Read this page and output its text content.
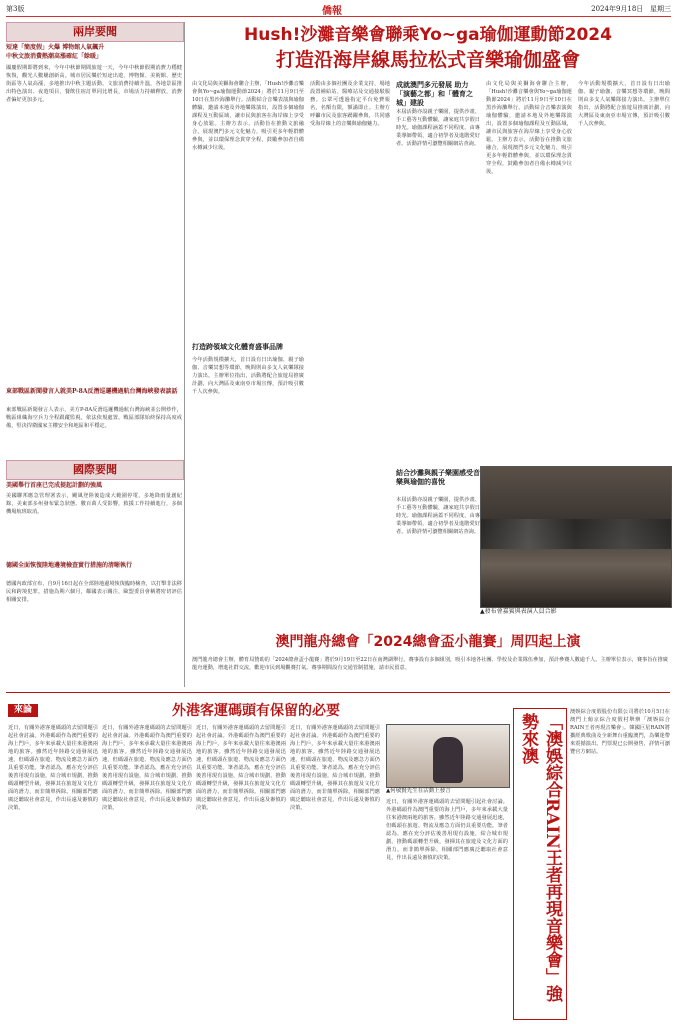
第3版	僑報	2024年9月18日 星期三
兩岸要聞
短達「簡度假」火爆 博物館人氣飆升
中秋文旅消費熱潮高漲確紅「餘暖」
國慶假期即將到來，今年中秋節期間旅遊一天，今年中秋節假期消費力穩健恢復，觀光人數屢創新高。城市居民樂於短途出遊，博物館、美術館、歷史街區等人氣高漲，多地推出中秋主題活動。文旅消費持續升溫，各地景區推出特色演出、夜遊項目，餐飲住宿訂單同比增長，市場活力持續釋放，消費者偏好更加多元。
東部戰區新聞發言人就美P-8A反潛巡邏機過航台灣海峽發表談話
東部戰區新聞發言人表示，美方P-8A反潛巡邏機過航台灣海峽並公開炒作，戰區組織海空兵力全程跟蹤監視，依法依規處置。戰區部隊始終保持高度戒備，堅決捍衛國家主權安全和地區和平穩定。
國際要聞
美國舉行首座已完成提起計劃的強風
美國聯邦應急管理署表示，颶風登陸後造成大範圍停電，多地降雨量創紀錄，美東部多州發布緊急狀態。數百萬人受影響，救援工作持續進行，多個機場航班取消。
德國全面恢復陸地邊境檢查實行措施的清晰執行
德國內政部宣布，自9月16日起在全部陸地邊境恢復臨時檢查，以打擊非法移民和跨境犯罪。措施為期六個月，鄰國表示關注，歐盟委員會稱將密切評估相關安排。
Hush!沙灘音樂會聯乘Yo~ga瑜伽運動節2024
打造沿海岸線馬拉松式音樂瑜伽盛會
由文化局與美獅海會聯合主辦，「Hush!沙灘音樂會與Yo~ga瑜伽運動節2024」將於11月9日至10日在黑沙海灘舉行。活動結合音樂表演與瑜伽體驗，邀請本地及外地樂隊演出，設置多個瑜伽課程及互動區域，讓市民與旅客在海岸線上享受身心放鬆。主辦方表示，活動旨在推動文旅融合，展現澳門多元文化魅力，吸引更多年輕群體參與，並以環保理念貫穿全程，鼓勵參加者自備水樽減少垃圾。
打造跨領域文化體育盛事品牌
今年活動規模擴大，首日設有日出瑜伽、親子瑜伽、音樂冥想等環節，晚間則由多支人氣樂隊接力演出。主辦單位指出，活動將配合旅遊局推廣計劃，向大灣區及東南亞市場宣傳，預計吸引數千人次參與。
活動由多個社團及企業支持，場地設置補給站、醫療站及交通接駁服務。公眾可透過指定平台免費報名，名額有限，額滿即止。主辦方呼籲市民及旅客踴躍參與，共同感受海岸線上的音樂與瑜伽魅力。
成就澳門多元發展 助力「演藝之都」和「體育之城」建設
本屆活動亦設親子樂園，提供沙畫、手工藝等互動體驗，讓家庭共享假日時光。瑜伽課程涵蓋不同程度，由專業導師帶領，適合初學者及進階愛好者。活動詳情可瀏覽相關網站查詢。
結合沙灘與親子樂園感受音樂與瑜伽的喜悅
本屆活動亦設親子樂園，提供沙畫、手工藝等互動體驗，讓家庭共享假日時光。瑜伽課程涵蓋不同程度，由專業導師帶領，適合初學者及進階愛好者。活動詳情可瀏覽相關網站查詢。
由文化局與美獅海會聯合主辦，「Hush!沙灘音樂會與Yo~ga瑜伽運動節2024」將於11月9日至10日在黑沙海灘舉行。活動結合音樂表演與瑜伽體驗，邀請本地及外地樂隊演出，設置多個瑜伽課程及互動區域，讓市民與旅客在海岸線上享受身心放鬆。主辦方表示，活動旨在推動文旅融合，展現澳門多元文化魅力，吸引更多年輕群體參與，並以環保理念貫穿全程，鼓勵參加者自備水樽減少垃圾。
今年活動規模擴大，首日設有日出瑜伽、親子瑜伽、音樂冥想等環節，晚間則由多支人氣樂隊接力演出。主辦單位指出，活動將配合旅遊局推廣計劃，向大灣區及東南亞市場宣傳，預計吸引數千人次參與。
▲發布會嘉賓與表演人員合影
澳門龍舟總會「2024總會盃小龍賽」周四起上演
澳門龍舟總會主辦、體育局贊助的「2024總會盃小龍賽」將於9月19日至22日在南灣湖舉行。賽事設有多個組別，吸引本地各社團、學校及企業隊伍參加，預計參賽人數逾千人。主辦單位表示，賽事旨在推廣龍舟運動，增進社群交流，歡迎市民到場觀賽打氣。賽事期間設有交通管制措施，請市民留意。
來論	外港客運碼頭有保留的必要
近日，有關外港客運碼頭的去留問題引起社會討論。外港碼頭作為澳門重要的海上門戶，多年來承載大量往來港澳兩地的旅客。雖然近年陸路交通發展迅速，但碼頭在旅遊、物流及應急方面仍具重要功能。筆者認為，應在充分評估後善用現有設施，結合城市規劃，推動碼頭轉型升級，發揮其在旅遊及文化方面的潛力，而非簡單拆除。相關部門應廣泛聽取社會意見，作出長遠及審慎的決策。
近日，有關外港客運碼頭的去留問題引起社會討論。外港碼頭作為澳門重要的海上門戶，多年來承載大量往來港澳兩地的旅客。雖然近年陸路交通發展迅速，但碼頭在旅遊、物流及應急方面仍具重要功能。筆者認為，應在充分評估後善用現有設施，結合城市規劃，推動碼頭轉型升級，發揮其在旅遊及文化方面的潛力，而非簡單拆除。相關部門應廣泛聽取社會意見，作出長遠及審慎的決策。
近日，有關外港客運碼頭的去留問題引起社會討論。外港碼頭作為澳門重要的海上門戶，多年來承載大量往來港澳兩地的旅客。雖然近年陸路交通發展迅速，但碼頭在旅遊、物流及應急方面仍具重要功能。筆者認為，應在充分評估後善用現有設施，結合城市規劃，推動碼頭轉型升級，發揮其在旅遊及文化方面的潛力，而非簡單拆除。相關部門應廣泛聽取社會意見，作出長遠及審慎的決策。
近日，有關外港客運碼頭的去留問題引起社會討論。外港碼頭作為澳門重要的海上門戶，多年來承載大量往來港澳兩地的旅客。雖然近年陸路交通發展迅速，但碼頭在旅遊、物流及應急方面仍具重要功能。筆者認為，應在充分評估後善用現有設施，結合城市規劃，推動碼頭轉型升級，發揮其在旅遊及文化方面的潛力，而非簡單拆除。相關部門應廣泛聽取社會意見，作出長遠及審慎的決策。
▲何敬賢先生在活動上發言
近日，有關外港客運碼頭的去留問題引起社會討論。外港碼頭作為澳門重要的海上門戶，多年來承載大量往來港澳兩地的旅客。雖然近年陸路交通發展迅速，但碼頭在旅遊、物流及應急方面仍具重要功能。筆者認為，應在充分評估後善用現有設施，結合城市規劃，推動碼頭轉型升級，發揮其在旅遊及文化方面的潛力，而非簡單拆除。相關部門應廣泛聽取社會意見，作出長遠及審慎的決策。	「澳娛綜合RAIN王者再現音樂會」強勢來澳
澳娛綜合度假股份有限公司將於10月5日在澳門上葡京綜合度假村舉辦「澳娛綜合RAIN王者再現音樂會」。韓國巨星RAIN將攜經典歌曲及全新舞台重臨澳門，為樂迷帶來震撼演出。門票現已公開發售，詳情可瀏覽官方網站。
